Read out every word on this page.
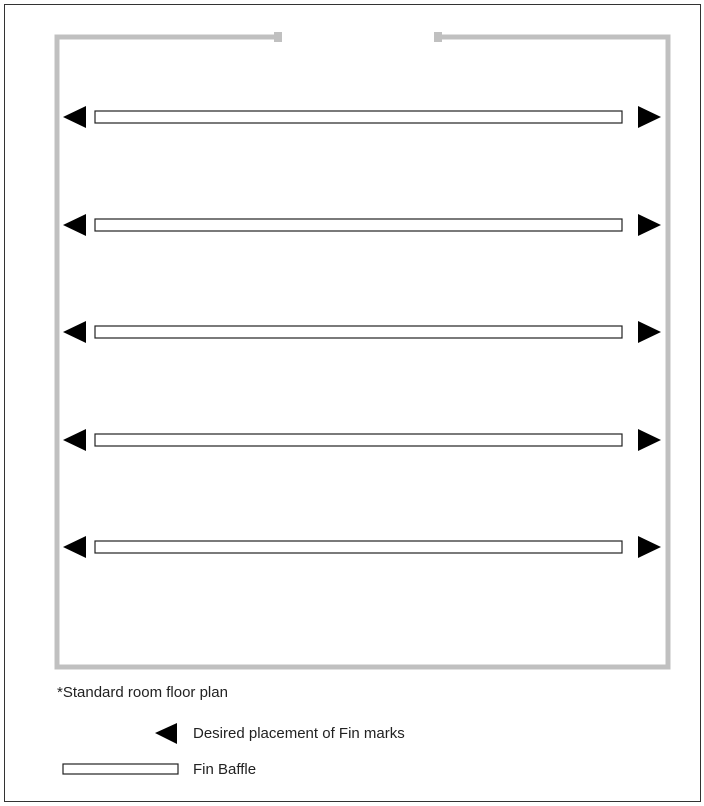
*Standard room floor plan
Desired placement of Fin marks
Fin Baffle
